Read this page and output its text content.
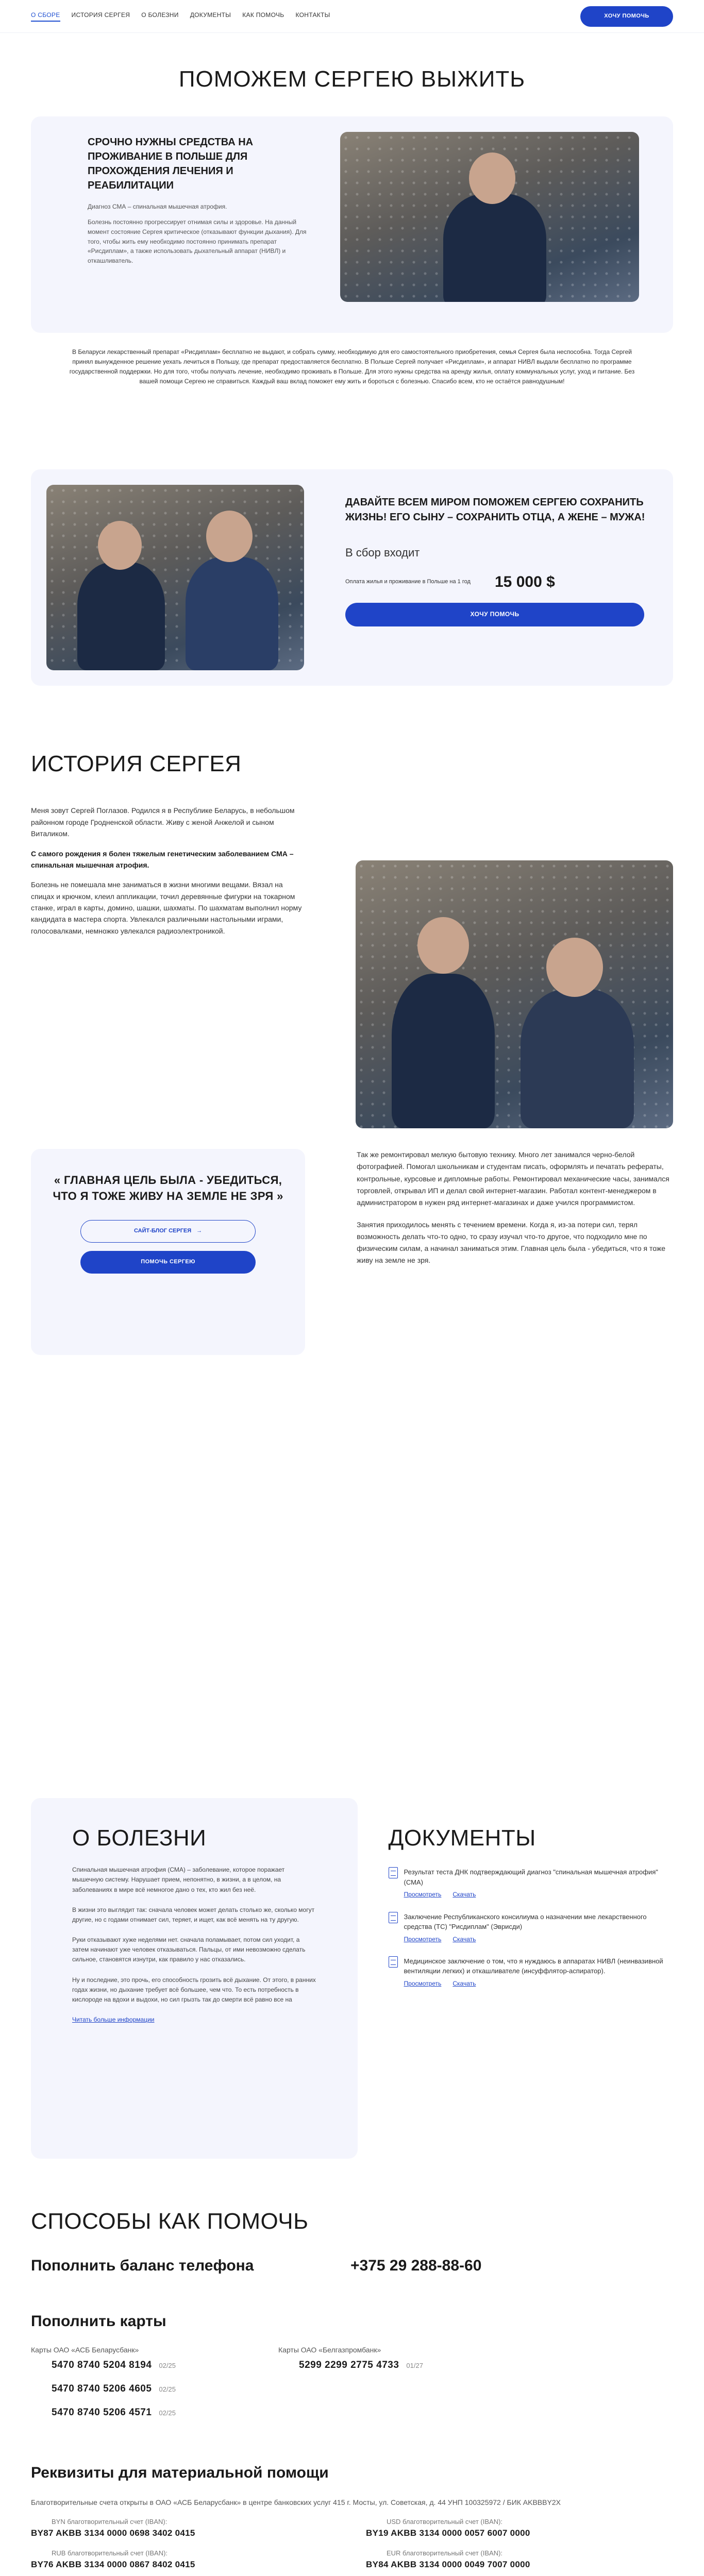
О СБОРЕ ИСТОРИЯ СЕРГЕЯ О БОЛЕЗНИ ДОКУМЕНТЫ КАК ПОМОЧЬ КОНТАКТЫ	ХОЧУ ПОМОЧЬ
ПОМОЖЕМ СЕРГЕЮ ВЫЖИТЬ
СРОЧНО НУЖНЫ СРЕДСТВА НА ПРОЖИВАНИЕ В ПОЛЬШЕ ДЛЯ ПРОХОЖДЕНИЯ ЛЕЧЕНИЯ И РЕАБИЛИТАЦИИ

Диагноз СМА – спинальная мышечная атрофия.

Болезнь постоянно прогрессирует отнимая силы и здоровье. На данный момент состояние Сергея критическое (отказывают функции дыхания). Для того, чтобы жить ему необходимо постоянно принимать препарат «Рисдиплам», а также использовать дыхательный аппарат (НИВЛ) и откашливатель.

В Беларуси лекарственный препарат «Рисдиплам» бесплатно не выдают, и собрать сумму, необходимую для его самостоятельного приобретения, семья Сергея была неспособна. Тогда Сергей принял вынужденное решение уехать лечиться в Польшу, где препарат предоставляется бесплатно. В Польше Сергей получает «Рисдиплам», и аппарат НИВЛ выдали бесплатно по программе государственной поддержки. Но для того, чтобы получать лечение, необходимо проживать в Польше. Для этого нужны средства на аренду жилья, оплату коммунальных услуг, уход и питание. Без вашей помощи Сергею не справиться. Каждый ваш вклад поможет ему жить и бороться с болезнью. Спасибо всем, кто не остаётся равнодушным!

ДАВАЙТЕ ВСЕМ МИРОМ ПОМОЖЕМ СЕРГЕЮ СОХРАНИТЬ ЖИЗНЬ! ЕГО СЫНУ – СОХРАНИТЬ ОТЦА, А ЖЕНЕ – МУЖА!
В сбор входит
Оплата жилья и проживание в Польше на 1 год	15 000 $
ХОЧУ ПОМОЧЬ
ИСТОРИЯ СЕРГЕЯ

Меня зовут Сергей Поглазов. Родился я в Республике Беларусь, в небольшом районном городе Гродненской области. Живу с женой Анжелой и сыном Виталиком.

С самого рождения я болен тяжелым генетическим заболеванием СМА – спинальная мышечная атрофия.

Болезнь не помешала мне заниматься в жизни многими вещами. Вязал на спицах и крючком, клеил аппликации, точил деревянные фигурки на токарном станке, играл в карты, домино, шашки, шахматы. По шахматам выполнил норму кандидата в мастера спорта. Увлекался различными настольными играми, голосовалками, немножко увлекался радиоэлектроникой.

« ГЛАВНАЯ ЦЕЛЬ БЫЛА - УБЕДИТЬСЯ, ЧТО Я ТОЖЕ ЖИВУ НА ЗЕМЛЕ НЕ ЗРЯ »
САЙТ-БЛОГ СЕРГЕЯ →
ПОМОЧЬ СЕРГЕЮ

Так же ремонтировал мелкую бытовую технику. Много лет занимался черно-белой фотографией. Помогал школьникам и студентам писать, оформлять и печатать рефераты, контрольные, курсовые и дипломные работы. Ремонтировал механические часы, занимался торговлей, открывал ИП и делал свой интернет-магазин. Работал контент-менеджером в администратором в нужен ряд интернет-магазинах и даже учился программистом.

Занятия приходилось менять с течением времени. Когда я, из-за потери сил, терял возможность делать что-то одно, то сразу изучал что-то другое, что подходило мне по физическим силам, а начинал заниматься этим. Главная цель была - убедиться, что я тоже живу на земле не зря.

О БОЛЕЗНИ

Спинальная мышечная атрофия (СМА) – заболевание, которое поражает мышечную систему. Нарушает прием, непонятно, в жизни, а в целом, на заболеваниях в мире всё немногое дано о тех, кто жил без неё.

В жизни это выглядит так: сначала человек может делать столько же, сколько могут другие, но с годами отнимает сил, теряет, и ищет, как всё менять на ту другую.

Руки отказывают хуже неделями нет. сначала поламывает, потом сил уходит, а затем начинают уже человек отказываться. Пальцы, от ими невозможно сделать сильное, становятся изнутри, как правило у нас отказались.

Ну и последние, это прочь, его способность грозить всё дыхание. От этого, в ранних годах жизни, но дыхание требует всё большее, чем что. То есть потребность в кислороде на вдохи и выдохи, но сил грызть так до смерти всё равно все на

Читать больше информации

ДОКУМЕНТЫ
Результат теста ДНК подтверждающий диагноз "спинальная мышечная атрофия" (СМА)
Просмотреть Скачать
Заключение Республиканского консилиума о назначении мне лекарственного средства (ТС) "Рисдиплам" (Эвриcди)
Просмотреть Скачать
Медицинское заключение о том, что я нуждаюсь в аппаратах НИВЛ (неинвазивной вентиляции легких) и откашливателе (инсуффлятор-аспиратор).
Просмотреть Скачать
СПОСОБЫ КАК ПОМОЧЬ
Пополнить баланс телефона	+375 29 288-88-60
Пополнить карты
Карты ОАО «АСБ Беларусбанк»
5470 8740 5204 8194 02/25
5470 8740 5206 4605 02/25
5470 8740 5206 4571 02/25
Карты ОАО «Белгазпромбанк»
5299 2299 2775 4733 01/27
Реквизиты для материальной помощи

Благотворительные счета открыты в ОАО «АСБ Беларусбанк» в центре банковских услуг 415 г. Мосты, ул. Советская, д. 44 УНП 100325972 / БИК AKBBBY2X

BYN благотворительный счет (IBAN):
BY87 AKBB 3134 0000 0698 3402 0415
RUB благотворительный счет (IBAN):
BY76 AKBB 3134 0000 0867 8402 0415
USD благотворительный счет (IBAN):
BY19 AKBB 3134 0000 0057 6007 0000
EUR благотворительный счет (IBAN):
BY84 AKBB 3134 0000 0049 7007 0000
